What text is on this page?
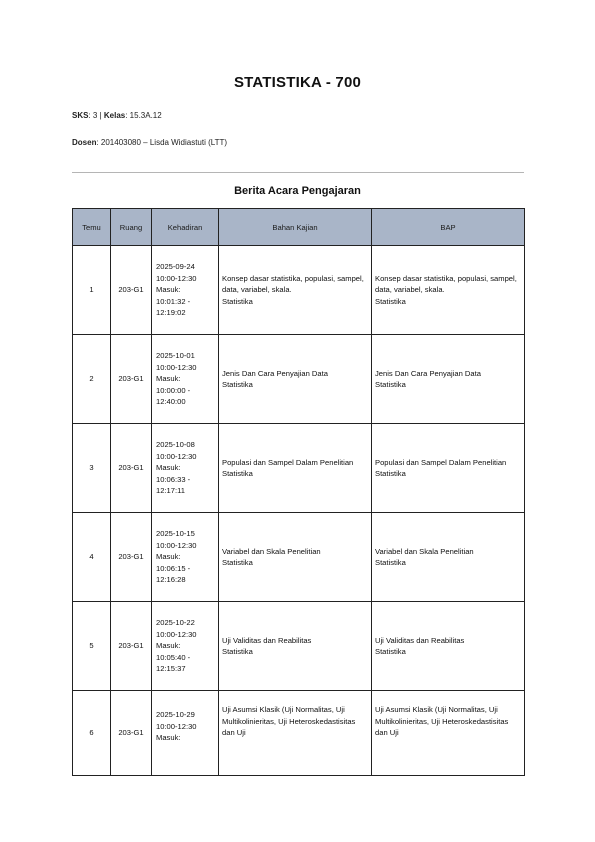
STATISTIKA - 700
SKS: 3 | Kelas: 15.3A.12
Dosen: 201403080 – Lisda Widiastuti (LTT)
Berita Acara Pengajaran
Temu	Ruang	Kehadiran	Bahan Kajian	BAP
1	203-G1	2025-09-24
10:00-12:30
Masuk:
10:01:32 -
12:19:02	Konsep dasar statistika, populasi, sampel, data, variabel, skala.
Statistika	Konsep dasar statistika, populasi, sampel, data, variabel, skala.
Statistika

2	203-G1	2025-10-01
10:00-12:30
Masuk:
10:00:00 -
12:40:00	Jenis Dan Cara Penyajian Data
Statistika	Jenis Dan Cara Penyajian Data
Statistika

3	203-G1	2025-10-08
10:00-12:30
Masuk:
10:06:33 -
12:17:11	Populasi dan Sampel Dalam Penelitian
Statistika	Populasi dan Sampel Dalam Penelitian
Statistika

4	203-G1	2025-10-15
10:00-12:30
Masuk:
10:06:15 -
12:16:28	Variabel dan Skala Penelitian
Statistika	Variabel dan Skala Penelitian
Statistika

5	203-G1	2025-10-22
10:00-12:30
Masuk:
10:05:40 -
12:15:37	Uji Validitas dan Reabilitas
Statistika	Uji Validitas dan Reabilitas
Statistika

6	203-G1	2025-10-29
10:00-12:30
Masuk:	Uji Asumsi Klasik (Uji Normalitas, Uji Multikolinieritas, Uji Heteroskedastisitas dan Uji	Uji Asumsi Klasik (Uji Normalitas, Uji Multikolinieritas, Uji Heteroskedastisitas dan Uji
